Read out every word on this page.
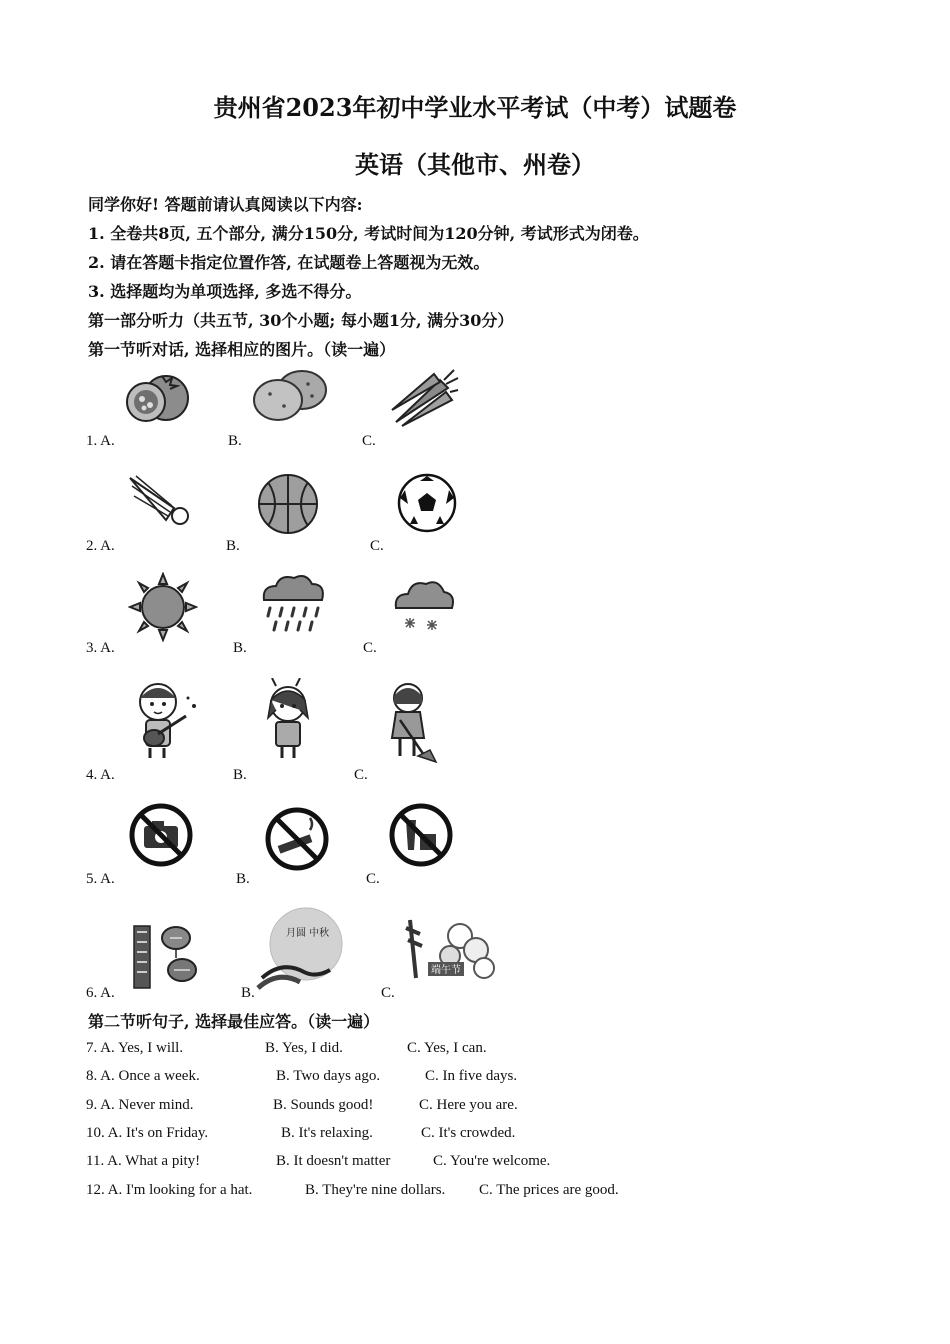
贵州省2023年初中学业水平考试（中考）试题卷
英语（其他市、州卷）
同学你好! 答题前请认真阅读以下内容:
1. 全卷共8页, 五个部分, 满分150分, 考试时间为120分钟, 考试形式为闭卷。
2. 请在答题卡指定位置作答, 在试题卷上答题视为无效。
3. 选择题均为单项选择, 多选不得分。
第一部分听力（共五节, 30个小题; 每小题1分, 满分30分）
第一节听对话, 选择相应的图片。（读一遍）
1. A.	B.	C.
2. A.	B.	C.
3. A.	B.	C.
4. A.	B.	C.
5. A.	B.	C.
月圆 中秋
端午节
6. A.	B.	C.
第二节听句子, 选择最佳应答。（读一遍）
7. A. Yes, I will.	B. Yes, I did.	C. Yes, I can.
8. A. Once a week.	B. Two days ago.	C. In five days.
9. A. Never mind.	B. Sounds good!	C. Here you are.
10. A. It's on Friday.	B. It's relaxing.	C. It's crowded.
11. A. What a pity!	B. It doesn't matter	C. You're welcome.
12. A. I'm looking for a hat.	B. They're nine dollars. C. The prices are good.
